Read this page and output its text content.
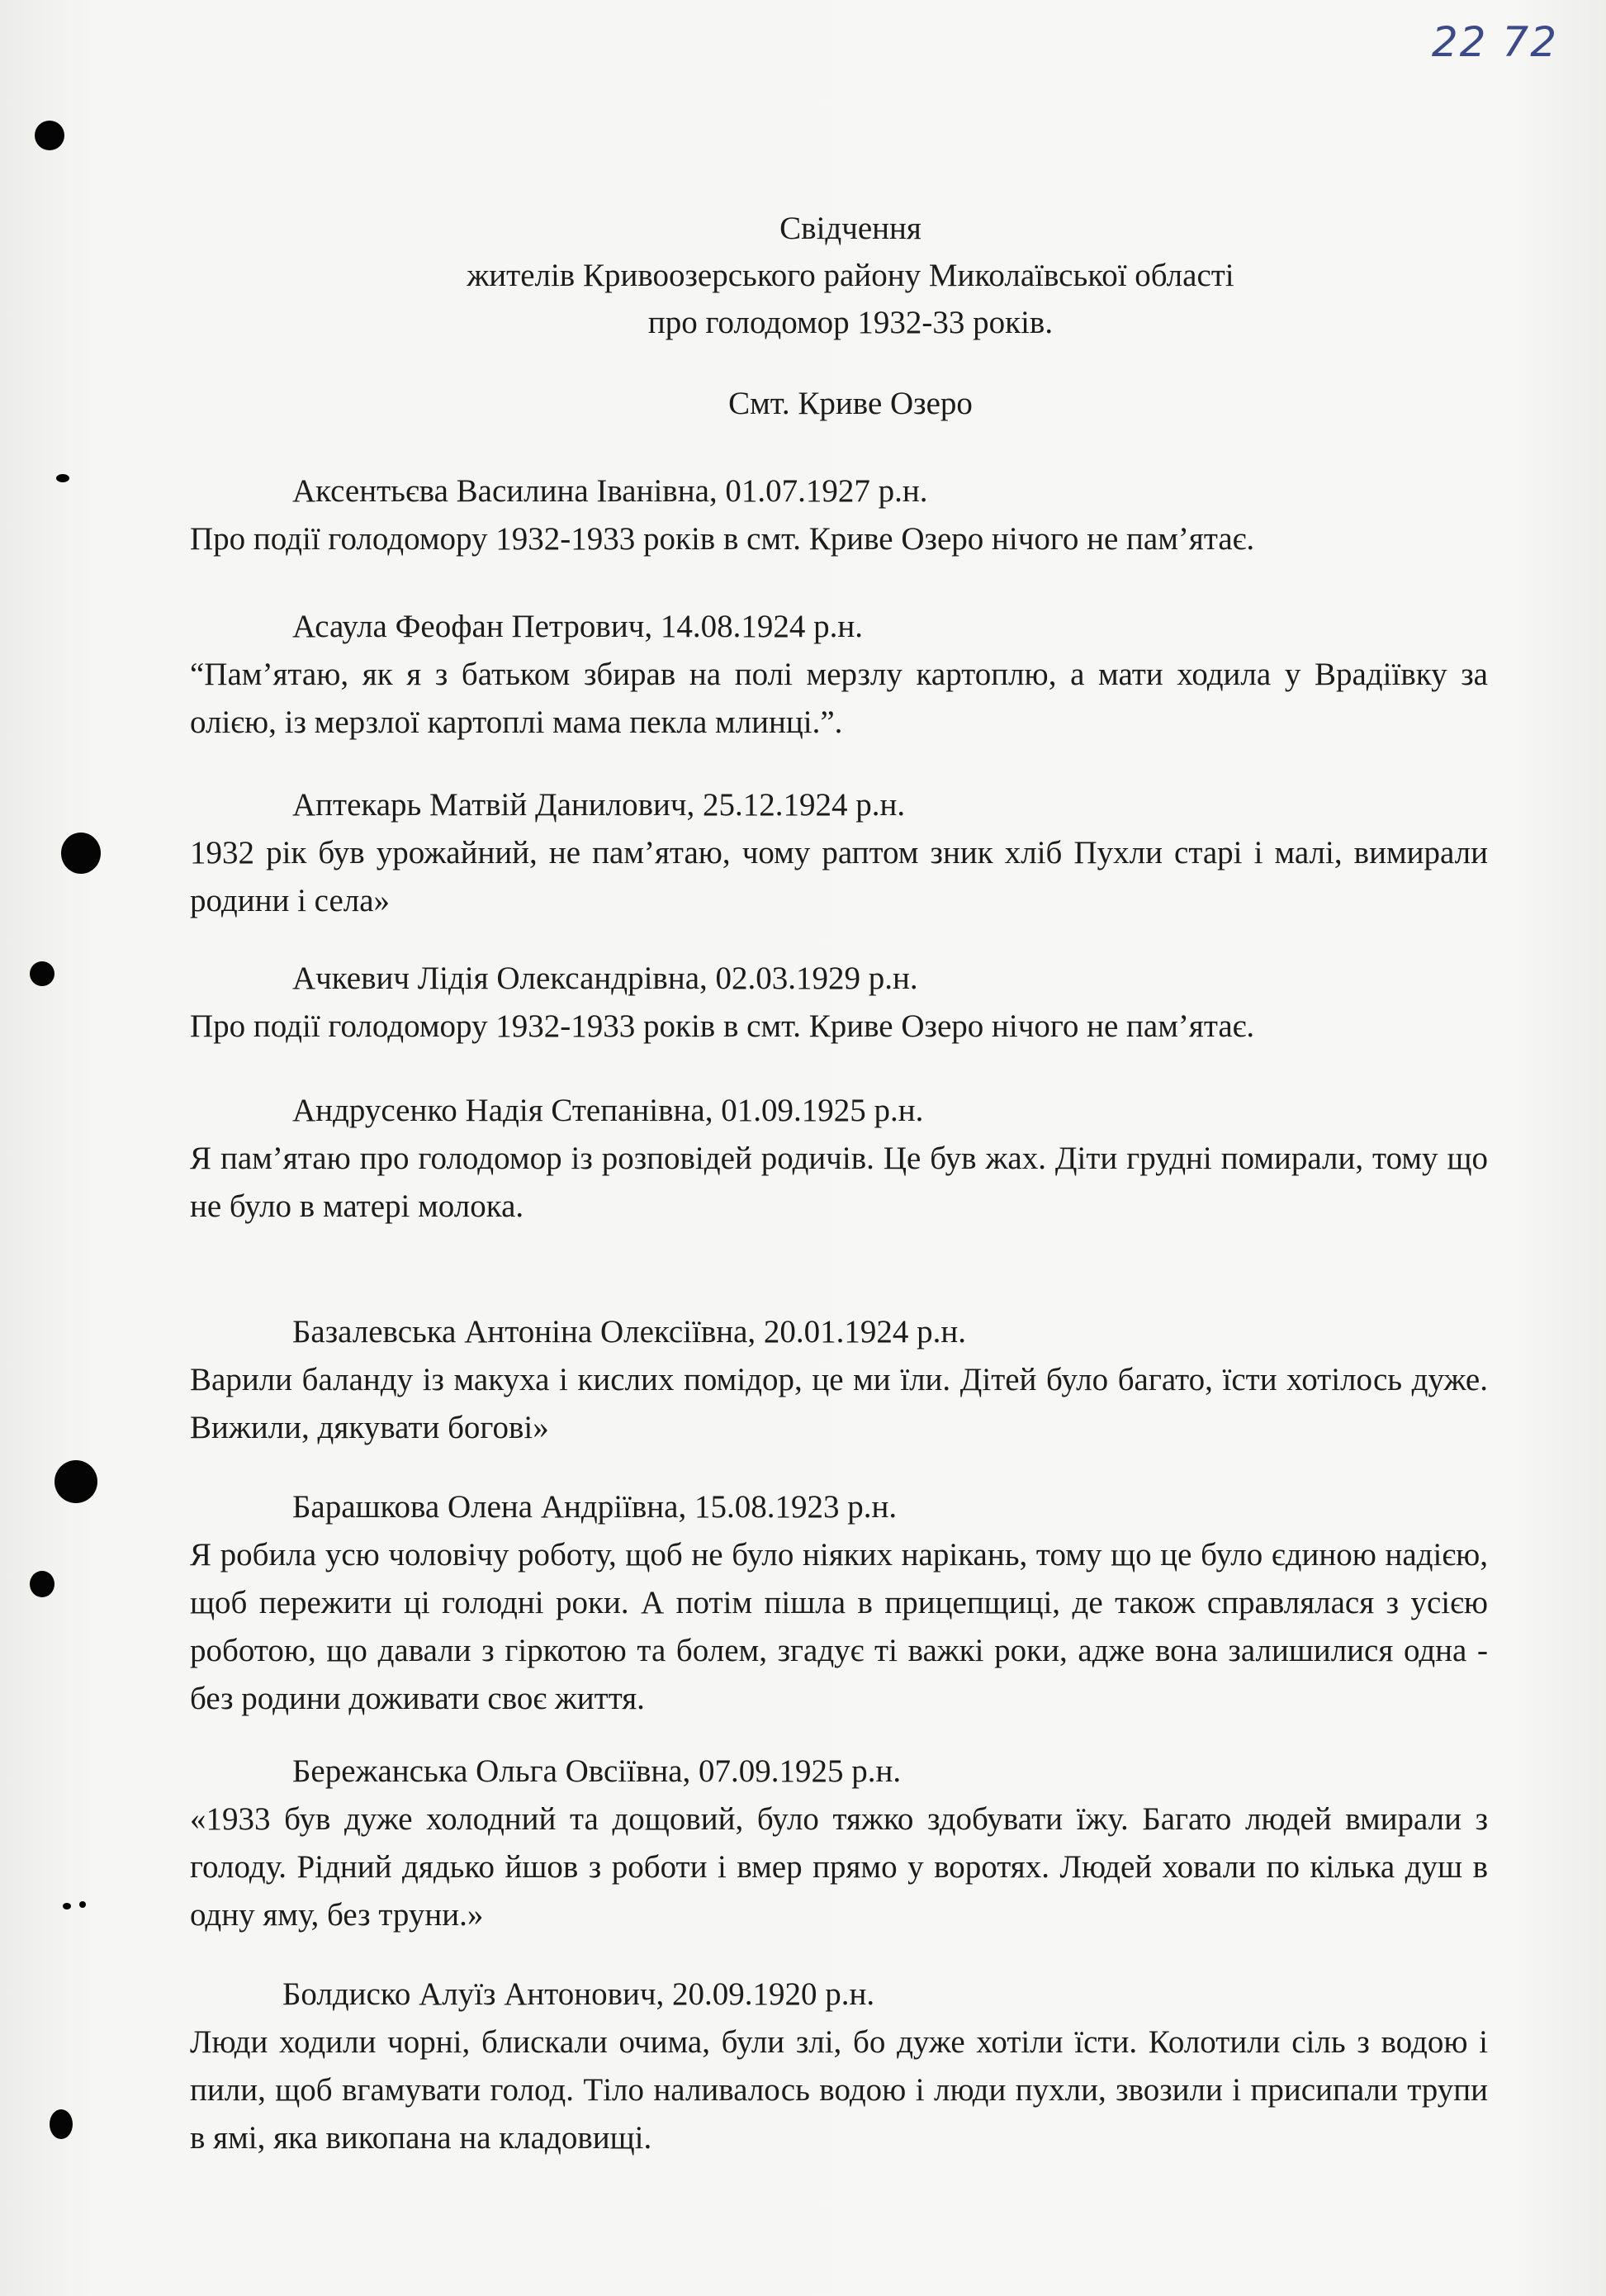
22 72
Свідчення
жителів Кривоозерського району Миколаївської області
про голодомор 1932-33 років.
Смт. Криве Озеро
Аксентьєва Василина Іванівна, 01.07.1927 р.н.
Про події голодомору 1932-1933 років в смт. Криве Озеро нічого не пам’ятає.
Асаула Феофан Петрович, 14.08.1924 р.н.
“Пам’ятаю, як я з батьком збирав на полі мерзлу картоплю, а мати ходила у Врадіївку за олією, із мерзлої картоплі мама пекла млинці.”.
Аптекарь Матвій Данилович, 25.12.1924 р.н.
1932 рік був урожайний, не пам’ятаю, чому раптом зник хліб Пухли старі і малі, вимирали родини і села»
Ачкевич Лідія Олександрівна, 02.03.1929 р.н.
Про події голодомору 1932-1933 років в смт. Криве Озеро нічого не пам’ятає.
Андрусенко Надія Степанівна, 01.09.1925 р.н.
Я пам’ятаю про голодомор із розповідей родичів. Це був жах. Діти грудні помирали, тому що не було в матері молока.
Базалевська Антоніна Олексіївна, 20.01.1924 р.н.
Варили баланду із макуха і кислих помідор, це ми їли. Дітей було багато, їсти хотілось дуже. Вижили, дякувати богові»
Барашкова Олена Андріївна, 15.08.1923 р.н.
Я робила усю чоловічу роботу, щоб не було ніяких нарікань, тому що це було єдиною надією, щоб пережити ці голодні роки. А потім пішла в прицепщиці, де також справлялася з усією роботою, що давали з гіркотою та болем, згадує ті важкі роки, адже вона залишилися одна - без родини доживати своє життя.
Бережанська Ольга Овсіївна, 07.09.1925 р.н.
«1933 був дуже холодний та дощовий, було тяжко здобувати їжу. Багато людей вмирали з голоду. Рідний дядько йшов з роботи і вмер прямо у воротях. Людей ховали по кілька душ в одну яму, без труни.»
Болдиско Алуїз Антонович, 20.09.1920 р.н.
Люди ходили чорні, блискали очима, були злі, бо дуже хотіли їсти. Колотили сіль з водою і пили, щоб вгамувати голод. Тіло наливалось водою і люди пухли, звозили і присипали трупи в ямі, яка викопана на кладовищі.
